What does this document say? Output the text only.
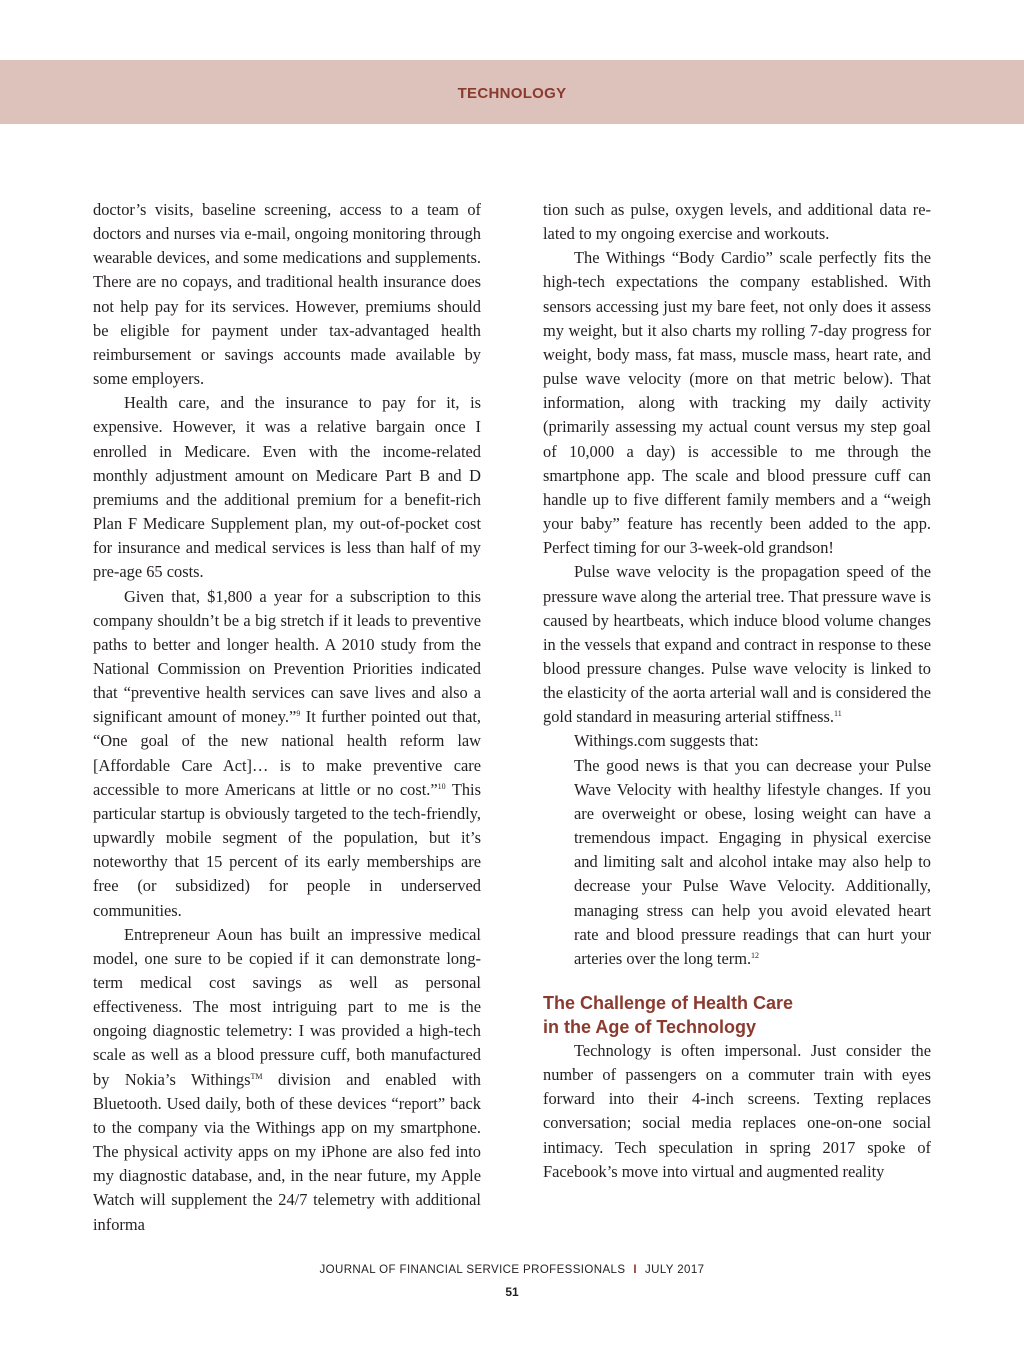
TECHNOLOGY

doctor’s visits, baseline screening, access to a team of doctors and nurses via e-mail, ongoing monitoring through wearable devices, and some medications and supplements. There are no copays, and traditional health insurance does not help pay for its services. However, premiums should be eligible for payment under tax-advantaged health reimbursement or savings accounts made available by some employers.

Health care, and the insurance to pay for it, is expensive. However, it was a relative bargain once I enrolled in Medicare. Even with the income-related monthly adjustment amount on Medicare Part B and D premiums and the additional premium for a benefit-rich Plan F Medicare Supplement plan, my out-of-pocket cost for insurance and medical services is less than half of my pre-age 65 costs.

Given that, $1,800 a year for a subscription to this company shouldn’t be a big stretch if it leads to preventive paths to better and longer health. A 2010 study from the National Commission on Prevention Priorities indicated that “preventive health services can save lives and also a significant amount of money.”$^9$ It further pointed out that, “One goal of the new national health reform law [Affordable Care Act]… is to make preventive care accessible to more Americans at little or no cost.”$^{10}$ This particular startup is obviously targeted to the tech-friendly, upwardly mobile segment of the population, but it’s noteworthy that 15 percent of its early memberships are free (or subsidized) for people in underserved communities.

Entrepreneur Aoun has built an impressive medical model, one sure to be copied if it can demonstrate longterm medical cost savings as well as personal effectiveness. The most intriguing part to me is the ongoing diagnostic telemetry: I was provided a high-tech scale as well as a blood pressure cuff, both manufactured by Nokia’s Withings™ division and enabled with Bluetooth. Used daily, both of these devices “report” back to the company via the Withings app on my smartphone. The physical activity apps on my iPhone are also fed into my diagnostic database, and, in the near future, my Apple Watch will supplement the 24/7 telemetry with additional informa

tion such as pulse, oxygen levels, and additional data related to my ongoing exercise and workouts.

The Withings “Body Cardio” scale perfectly fits the high-tech expectations the company established. With sensors accessing just my bare feet, not only does it assess my weight, but it also charts my rolling 7-day progress for weight, body mass, fat mass, muscle mass, heart rate, and pulse wave velocity (more on that metric below). That information, along with tracking my daily activity (primarily assessing my actual count versus my step goal of 10,000 a day) is accessible to me through the smartphone app. The scale and blood pressure cuff can handle up to five different family members and a “weigh your baby” feature has recently been added to the app. Perfect timing for our 3-week-old grandson!

Pulse wave velocity is the propagation speed of the pressure wave along the arterial tree. That pressure wave is caused by heartbeats, which induce blood volume changes in the vessels that expand and contract in response to these blood pressure changes. Pulse wave velocity is linked to the elasticity of the aorta arterial wall and is considered the gold standard in measuring arterial stiffness.$^{11}$

Withings.com suggests that:

The good news is that you can decrease your Pulse Wave Velocity with healthy lifestyle changes. If you are overweight or obese, losing weight can have a tremendous impact. Engaging in physical exercise and limiting salt and alcohol intake may also help to decrease your Pulse Wave Velocity. Additionally, managing stress can help you avoid elevated heart rate and blood pressure readings that can hurt your arteries over the long term.$^{12}$

The Challenge of Health Care
in the Age of Technology

Technology is often impersonal. Just consider the number of passengers on a commuter train with eyes forward into their 4-inch screens. Texting replaces conversation; social media replaces one-on-one social intimacy. Tech speculation in spring 2017 spoke of Facebook’s move into virtual and augmented reality

JOURNAL OF FINANCIAL SERVICE PROFESSIONALS I JULY 2017
51
